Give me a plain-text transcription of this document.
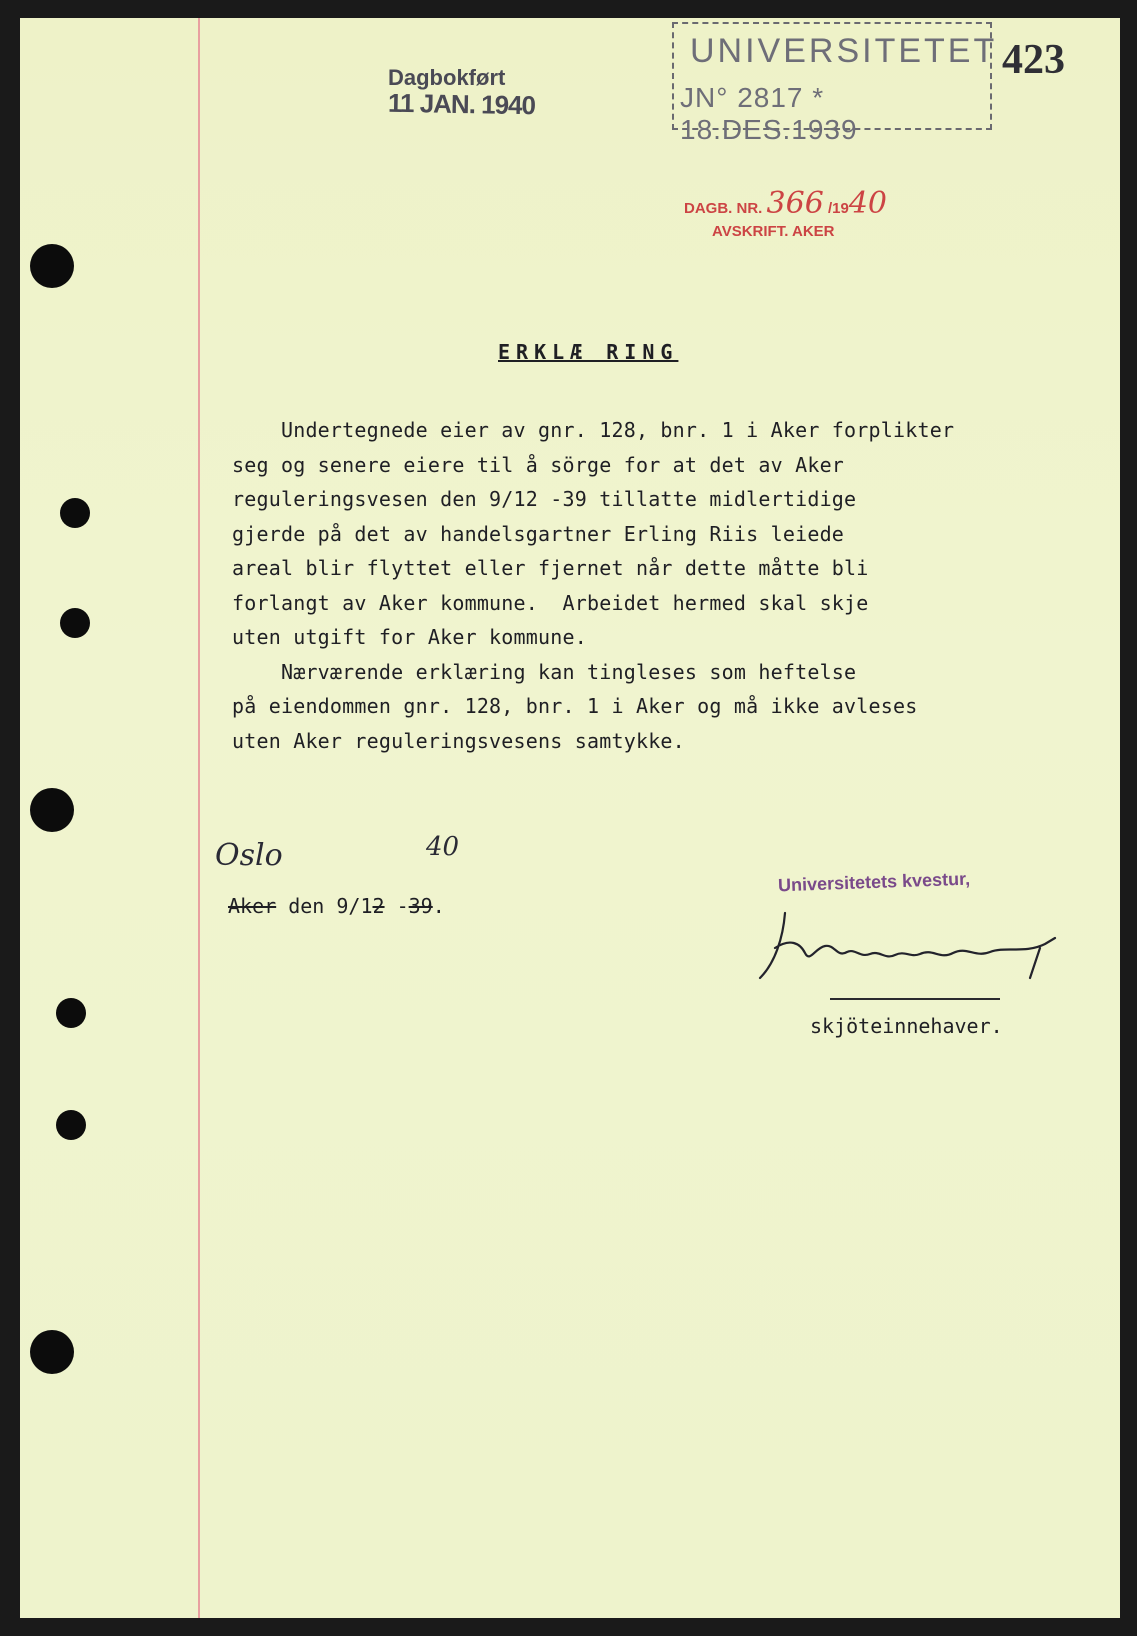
Dagbokført
11 JAN. 1940
UNIVERSITETET
JN° 2817 * 18.DES.1939
423
DAGB. NR. 366 /1940
AVSKRIFT. AKER
ERKLÆ RING
Undertegnede eier av gnr. 128, bnr. 1 i Aker forplikter
seg og senere eiere til å sörge for at det av Aker
reguleringsvesen den 9/12 -39 tillatte midlertidige
gjerde på det av handelsgartner Erling Riis leiede
areal blir flyttet eller fjernet når dette måtte bli
forlangt av Aker kommune.  Arbeidet hermed skal skje
uten utgift for Aker kommune.
Nærværende erklæring kan tingleses som heftelse
på eiendommen gnr. 128, bnr. 1 i Aker og må ikke avleses
uten Aker reguleringsvesens samtykke.
Oslo	40
Aker den 9/12 -39.
Universitetets kvestur,
skjöteinnehaver.
